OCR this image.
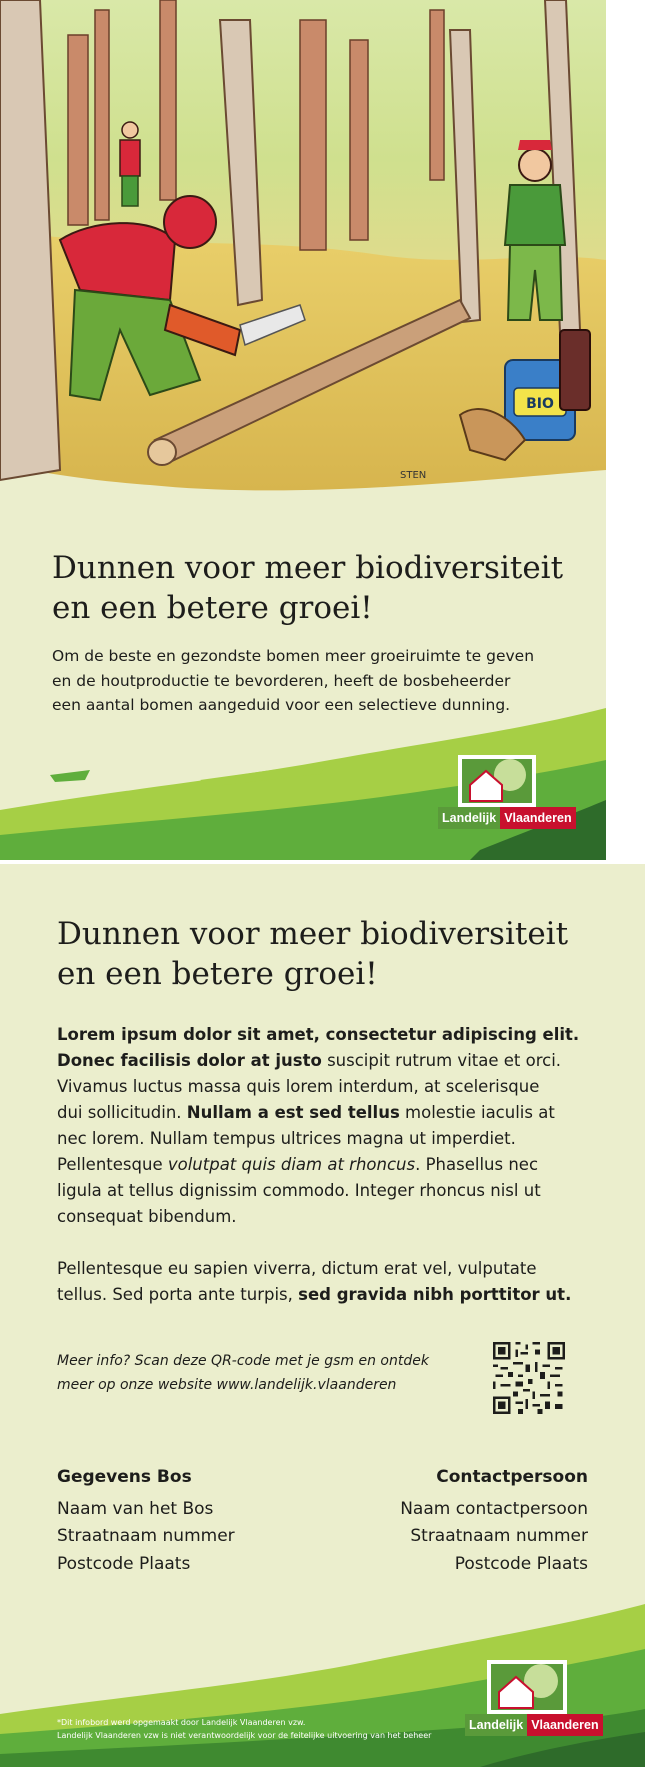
BIO
STEN
Dunnen voor meer biodiversiteit
en een betere groei!

Om de beste en gezondste bomen meer groeiruimte te geven
en de houtproductie te bevorderen, heeft de bosbeheerder
een aantal bomen aangeduid voor een selectieve dunning.

Landelijk Vlaanderen
Dunnen voor meer biodiversiteit
en een betere groei!

Lorem ipsum dolor sit amet, consectetur adipiscing elit.
Donec facilisis dolor at justo suscipit rutrum vitae et orci.
Vivamus luctus massa quis lorem interdum, at scelerisque
dui sollicitudin. Nullam a est sed tellus molestie iaculis at
nec lorem. Nullam tempus ultrices magna ut imperdiet.
Pellentesque volutpat quis diam at rhoncus. Phasellus nec
ligula at tellus dignissim commodo. Integer rhoncus nisl ut
consequat bibendum.

Pellentesque eu sapien viverra, dictum erat vel, vulputate
tellus. Sed porta ante turpis, sed gravida nibh porttitor ut.

Meer info? Scan deze QR-code met je gsm en ontdek
meer op onze website www.landelijk.vlaanderen

Gegevens Bos
Naam van het Bos
Straatnaam nummer
Postcode Plaats
Contactpersoon
Naam contactpersoon
Straatnaam nummer
Postcode Plaats
Landelijk Vlaanderen
*Dit infobord werd opgemaakt door Landelijk Vlaanderen vzw.
Landelijk Vlaanderen vzw is niet verantwoordelijk voor de feitelijke uitvoering van het beheer
